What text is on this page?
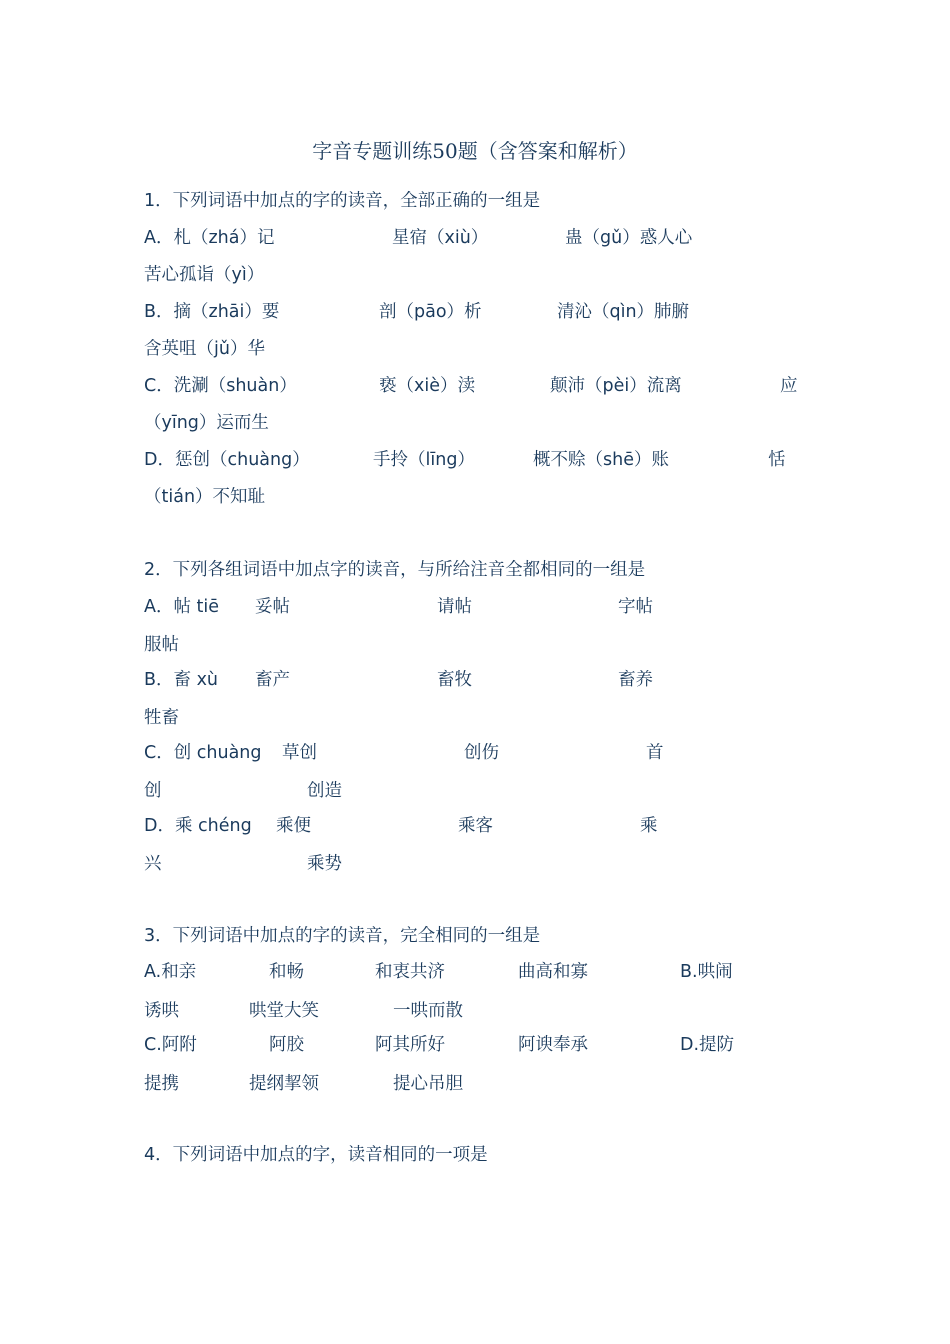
字音专题训练50题（含答案和解析）
1．下列词语中加点的字的读音，全部正确的一组是
A．札（zhá）记	星宿（xiù）	蛊（gǔ）惑人心
苦心孤诣（yì）
B．摘（zhāi）要	剖（pāo）析	清沁（qìn）肺腑
含英咀（jǔ）华
C．洗涮（shuàn）	亵（xiè）渎	颠沛（pèi）流离	应
（yīng）运而生
D．惩创（chuàng）	手拎（līng）	概不赊（shē）账	恬
（tián）不知耻
2．下列各组词语中加点字的读音，与所给注音全都相同的一组是
A．帖 tiē 妥帖	请帖	字帖
服帖
B．畜 xù 畜产	畜牧	畜养
牲畜
C．创 chuàng 草创	创伤	首
创	创造
D．乘 chéng 乘便	乘客	乘
兴	乘势
3．下列词语中加点的字的读音，完全相同的一组是
A.和亲	和畅	和衷共济	曲高和寡	B.哄闹
诱哄	哄堂大笑	一哄而散
C.阿附	阿胶	阿其所好	阿谀奉承	D.提防
提携	提纲挈领	提心吊胆
4．下列词语中加点的字，读音相同的一项是
